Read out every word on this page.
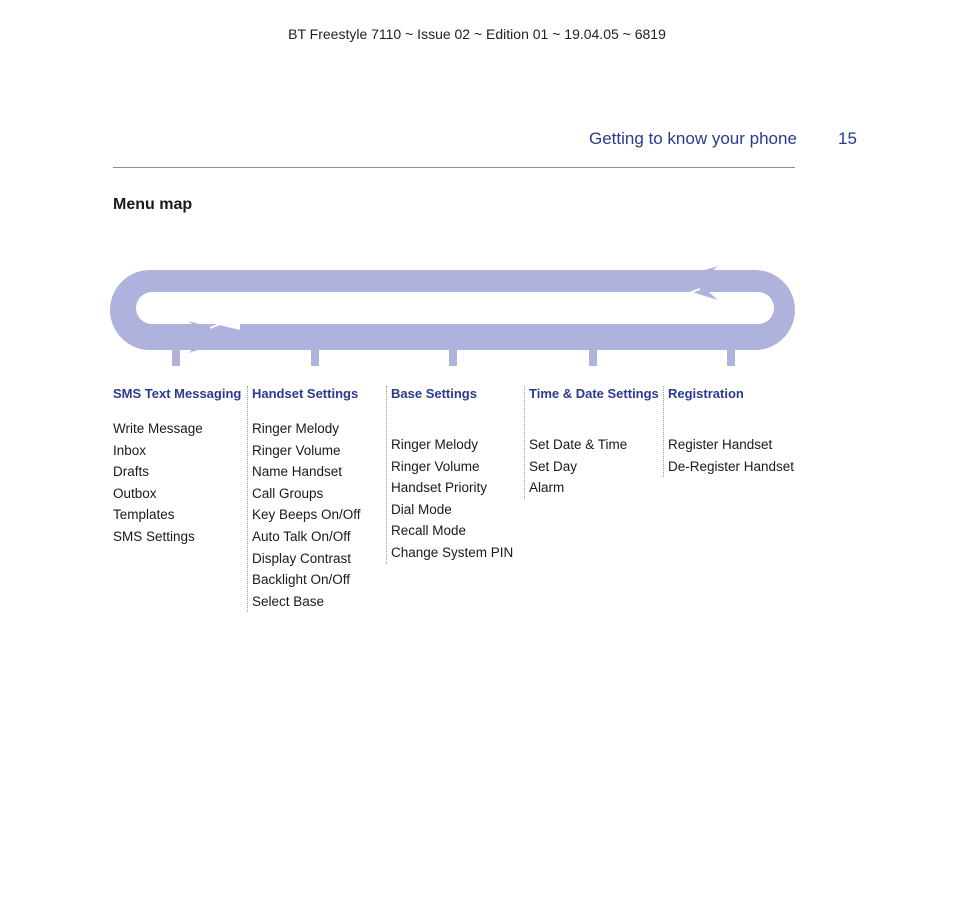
BT Freestyle 7110 ~ Issue 02 ~ Edition 01 ~ 19.04.05 ~ 6819
Getting to know your phone 15
Menu map
SMS Text Messaging
Write Message
Inbox
Drafts
Outbox
Templates
SMS Settings
Handset Settings
Ringer Melody
Ringer Volume
Name Handset
Call Groups
Key Beeps On/Off
Auto Talk On/Off
Display Contrast
Backlight On/Off
Select Base
Base Settings
Ringer Melody
Ringer Volume
Handset Priority
Dial Mode
Recall Mode
Change System PIN
Time & Date Settings
Set Date & Time
Set Day
Alarm
Registration
Register Handset
De-Register Handset
